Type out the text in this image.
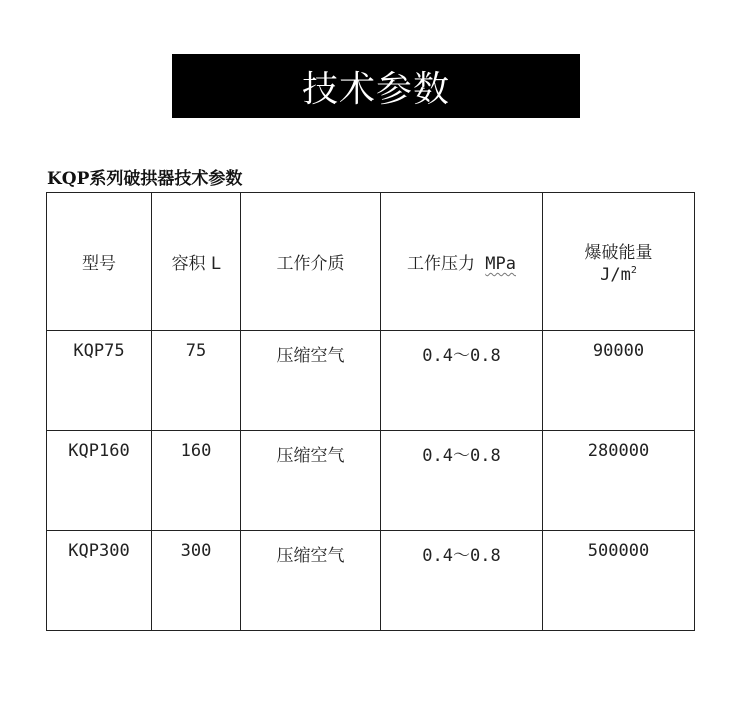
技术参数
KQP系列破拱器技术参数
型号	容积 L	工作介质	工作压力 MPa	爆破能量
$J/m^2$

KQP75	75	压缩空气	0.4～0.8	90000
KQP160	160	压缩空气	0.4～0.8	280000
KQP300	300	压缩空气	0.4～0.8	500000
